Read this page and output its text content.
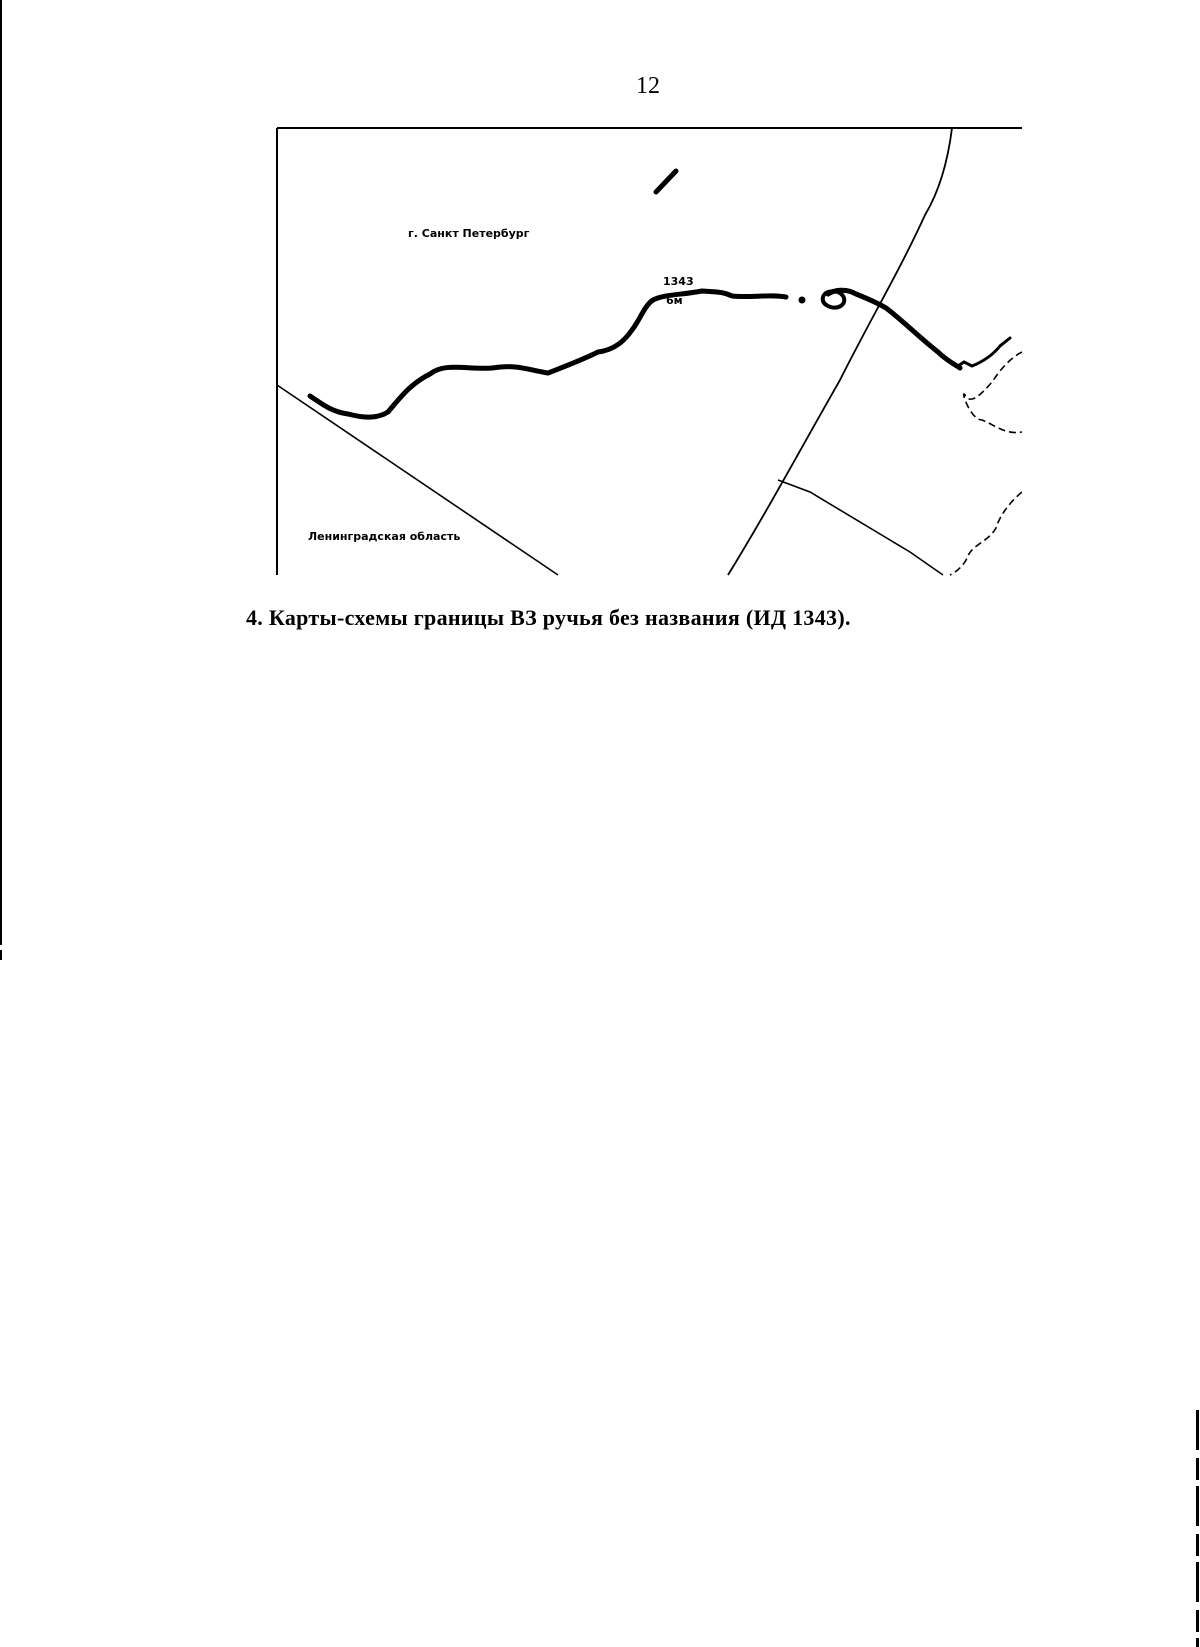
12
г. Санкт Петербург
Ленинградская область
1343
6м
4. Карты-схемы границы ВЗ ручья без названия (ИД 1343).
